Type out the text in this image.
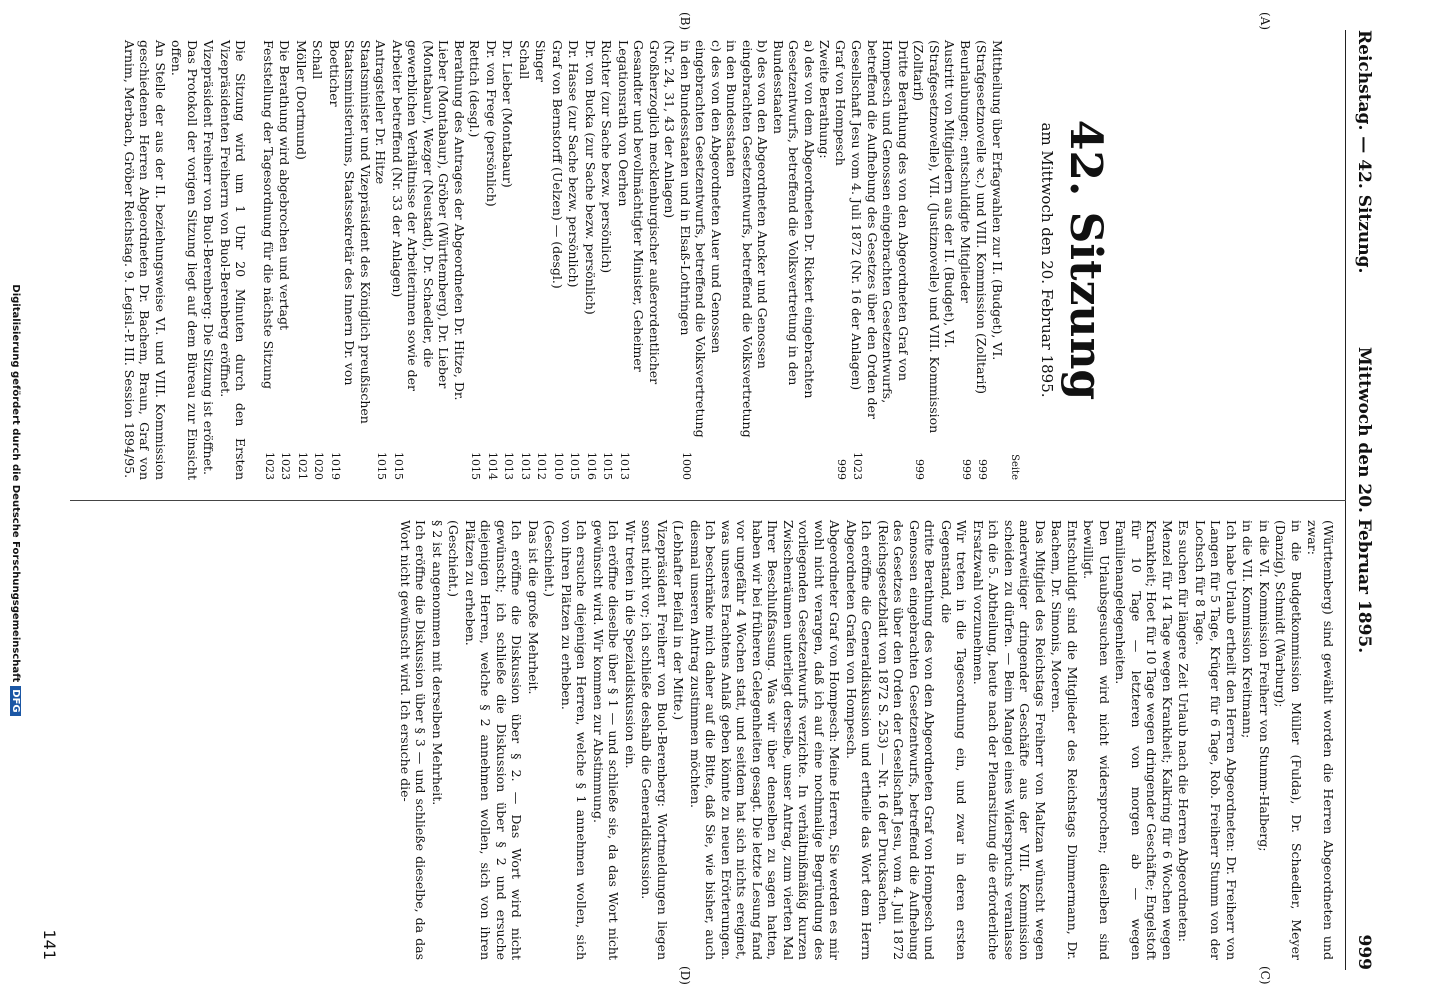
Reichstag. — 42. Sitzung.
Mittwoch den 20. Februar 1895.
999
(A)
(B)
(C)
(D)
42. Sitzung
am Mittwoch den 20. Februar 1895.
Seite
Mittheilung über Erfagwahlen zur II. (Budget), VI. (Strafgesetznovelle ꝛc.) und VIII. Kommission (Zolltarif)
999
Beurlaubungen; entschuldigte Mitglieder
999
Austritt von Mitgliedern aus der II. (Budget), VI. (Strafgesetznovelle), VII. (Justiznovelle) und VIII. Kommission (Zolltarif)
999
Dritte Berathung des von den Abgeordneten Graf von Hompesch und Genossen eingebrachten Gesetzentwurfs, betreffend die Aufhebung des Gesetzes über den Orden der Gesellschaft Jesu vom 4. Juli 1872 (Nr. 16 der Anlagen)
1023
Graf von Hompesch
999
Zweite Berathung:
a) des von dem Abgeordneten Dr. Rickert eingebrachten Gesetzentwurfs, betreffend die Volksvertretung in den Bundesstaaten
b) des von den Abgeordneten Ancker und Genossen eingebrachten Gesetzentwurfs, betreffend die Volksvertretung in den Bundesstaaten
c) des von den Abgeordneten Auer und Genossen eingebrachten Gesetzentwurfs, betreffend die Volksvertretung in den Bundesstaaten und in Elsaß-Lothringen
1000
(Nr. 24, 31, 43 der Anlagen)
Großherzoglich mecklenburgischer außerordentlicher Gesandter und bevollmächtigter Minister, Geheimer Legationsrath von Oerhen
1013
Richter (zur Sache bezw. persönlich)
1015
Dr. von Bucka (zur Sache bezw. persönlich)
1016
Dr. Hasse (zur Sache bezw. persönlich)
1015
Graf von Bernstorff (Uelzen) — (desgl.)
1010
Singer
1012
Schall
1013
Dr. Lieber (Montabaur)
1013
Dr. von Frege (persönlich)
1014
Rettich (desgl.)
1015
Berathung des Antrages der Abgeordneten Dr. Hitze, Dr. Lieber (Montabaur), Gröber (Württemberg), Dr. Lieber (Montabaur), Wezger (Neustadt), Dr. Schaedler, die gewerblichen Verhältnisse der Arbeiterinnen sowie der Arbeiter betreffend (Nr. 33 der Anlagen)
1015
Antragsteller Dr. Hitze
1015
Staatsminister und Vizepräsident des Königlich preußischen Staatsministeriums, Staatssekretär des Innern Dr. von Boetticher
1019
Schall
1020
Möller (Dortmund)
1021
Die Berathung wird abgebrochen und vertagt
1023
Feststellung der Tagesordnung für die nächste Sitzung
1023

Die Sitzung wird um 1 Uhr 20 Minuten durch den Ersten Vizepräsidenten Freiherrn von Buol-Berenberg eröffnet.

Vizepräsident Freiherr von Buol-Berenberg: Die Sitzung ist eröffnet.

Das Protokoll der vorigen Sitzung liegt auf dem Büreau zur Einsicht offen.

An Stelle der aus der II. beziehungsweise VI. und VIII. Kommission geschiedenen Herren Abgeordneten Dr. Bachem, Braun, Graf von Arnim, Merbach, Gröber Reichstag. 9. Legisl.-P. III. Session 1894/95.

(Württemberg) sind gewählt worden die Herren Abgeordneten und zwar:

in die Budgetkommission Müller (Fulda), Dr. Schaedler, Meyer (Danzig), Schmidt (Warburg);

in die VI. Kommission Freiherr von Stumm-Halberg;

in die VII. Kommission Kreitmann;

Ich habe Urlaub ertheilt den Herren Abgeordneten: Dr. Freiherr von Langen für 5 Tage, Krüger für 6 Tage, Rob. Freiherr Stumm von der Lochsch für 8 Tage.

Es suchen für längere Zeit Urlaub nach die Herren Abgeordneten:

Menzel für 14 Tage wegen Krankheit; Kalkring für 6 Wochen wegen Krankheit; Hoet für 10 Tage wegen dringender Geschäfte; Engelstoft für 10 Tage — letzteren von morgen ab — wegen Familienangelegenheiten.

Den Urlaubsgesuchen wird nicht widersprochen; dieselben sind bewilligt.

Entschuldigt sind die Mitglieder des Reichstags Dimmermann, Dr. Bachem, Dr. Simonis, Moeren.

Das Mitglied des Reichstags Freiherr von Maltzan wünscht wegen anderweitiger dringender Geschäfte aus der VIII. Kommission scheiden zu dürfen. — Beim Mangel eines Widerspruchs veranlasse ich die 5. Abtheilung, heute nach der Plenarsitzung die erforderliche Ersatzwahl vorzunehmen.

Wir treten in die Tagesordnung ein, und zwar in deren ersten Gegenstand, die

dritte Berathung des von den Abgeordneten Graf von Hompesch und Genossen eingebrachten Gesetzentwurfs, betreffend die Aufhebung des Gesetzes über den Orden der Gesellschaft Jesu, vom 4. Juli 1872 (Reichsgesetzblatt von 1872 S. 253) — Nr. 16 der Drucksachen.

Ich eröffne die Generaldiskussion und ertheile das Wort dem Herrn Abgeordneten Grafen von Hompesch.

Abgeordneter Graf von Hompesch: Meine Herren, Sie werden es mir wohl nicht verargen, daß ich auf eine nochmalige Begründung des vorliegenden Gesetzentwurfs verzichte. In verhältnißmäßig kurzen Zwischenräumen unterliegt derselbe, unser Antrag, zum vierten Mal Ihrer Beschlußfassung. Was wir über denselben zu sagen hatten, haben wir bei früheren Gelegenheiten gesagt. Die letzte Lesung fand vor ungefähr 4 Wochen statt, und seitdem hat sich nichts ereignet, was unseres Erachtens Anlaß geben könnte zu neuen Erörterungen. Ich beschränke mich daher auf die Bitte, daß Sie, wie bisher, auch diesmal unseren Antrag zustimmen möchten.

(Lebhafter Beifall in der Mitte.)

Vizepräsident Freiherr von Buol-Berenberg: Wortmeldungen liegen sonst nicht vor; ich schließe deshalb die Generaldiskussion.

Wir treten in die Spezialdiskussion ein.

Ich eröffne dieselbe über § 1 — und schließe sie, da das Wort nicht gewünscht wird. Wir kommen zur Abstimmung.

Ich ersuche diejenigen Herren, welche § 1 annehmen wollen, sich von ihren Plätzen zu erheben.

(Geschieht.)

Das ist die große Mehrheit.

Ich eröffne die Diskussion über § 2. — Das Wort wird nicht gewünscht; ich schließe die Diskussion über § 2 und ersuche diejenigen Herren, welche § 2 annehmen wollen, sich von ihren Plätzen zu erheben.

(Geschieht.)

§ 2 ist angenommen mit derselben Mehrheit.

Ich eröffne die Diskussion über § 3 — und schließe dieselbe, da das Wort nicht gewünscht wird. Ich ersuche die-

141
Digitalisierung gefördert durch die Deutsche ForschungsgemeinschaftDFG
